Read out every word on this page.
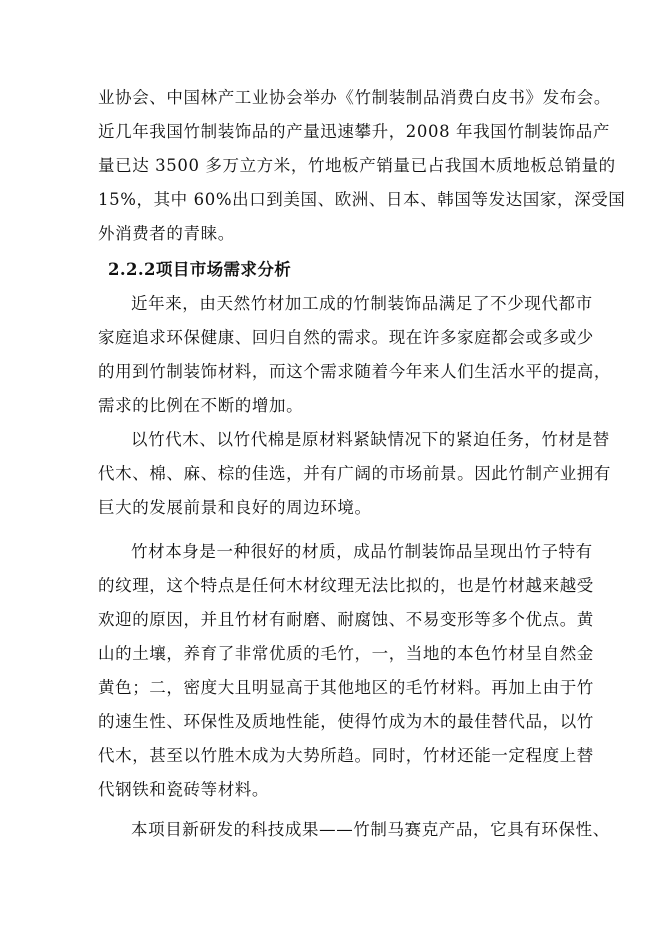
业协会、中国林产工业协会举办《竹制装制品消费白皮书》发布会。
近几年我国竹制装饰品的产量迅速攀升，2008 年我国竹制装饰品产
量已达 3500 多万立方米，竹地板产销量已占我国木质地板总销量的
15%，其中 60%出口到美国、欧洲、日本、韩国等发达国家，深受国
外消费者的青睐。
2.2.2项目市场需求分析
近年来，由天然竹材加工成的竹制装饰品满足了不少现代都市
家庭追求环保健康、回归自然的需求。现在许多家庭都会或多或少
的用到竹制装饰材料，而这个需求随着今年来人们生活水平的提高，
需求的比例在不断的增加。
以竹代木、以竹代棉是原材料紧缺情况下的紧迫任务，竹材是替
代木、棉、麻、棕的佳选，并有广阔的市场前景。因此竹制产业拥有
巨大的发展前景和良好的周边环境。
竹材本身是一种很好的材质，成品竹制装饰品呈现出竹子特有
的纹理，这个特点是任何木材纹理无法比拟的，也是竹材越来越受
欢迎的原因，并且竹材有耐磨、耐腐蚀、不易变形等多个优点。黄
山的土壤，养育了非常优质的毛竹，一，当地的本色竹材呈自然金
黄色；二，密度大且明显高于其他地区的毛竹材料。再加上由于竹
的速生性、环保性及质地性能，使得竹成为木的最佳替代品，以竹
代木，甚至以竹胜木成为大势所趋。同时，竹材还能一定程度上替
代钢铁和瓷砖等材料。
本项目新研发的科技成果——竹制马赛克产品，它具有环保性、
